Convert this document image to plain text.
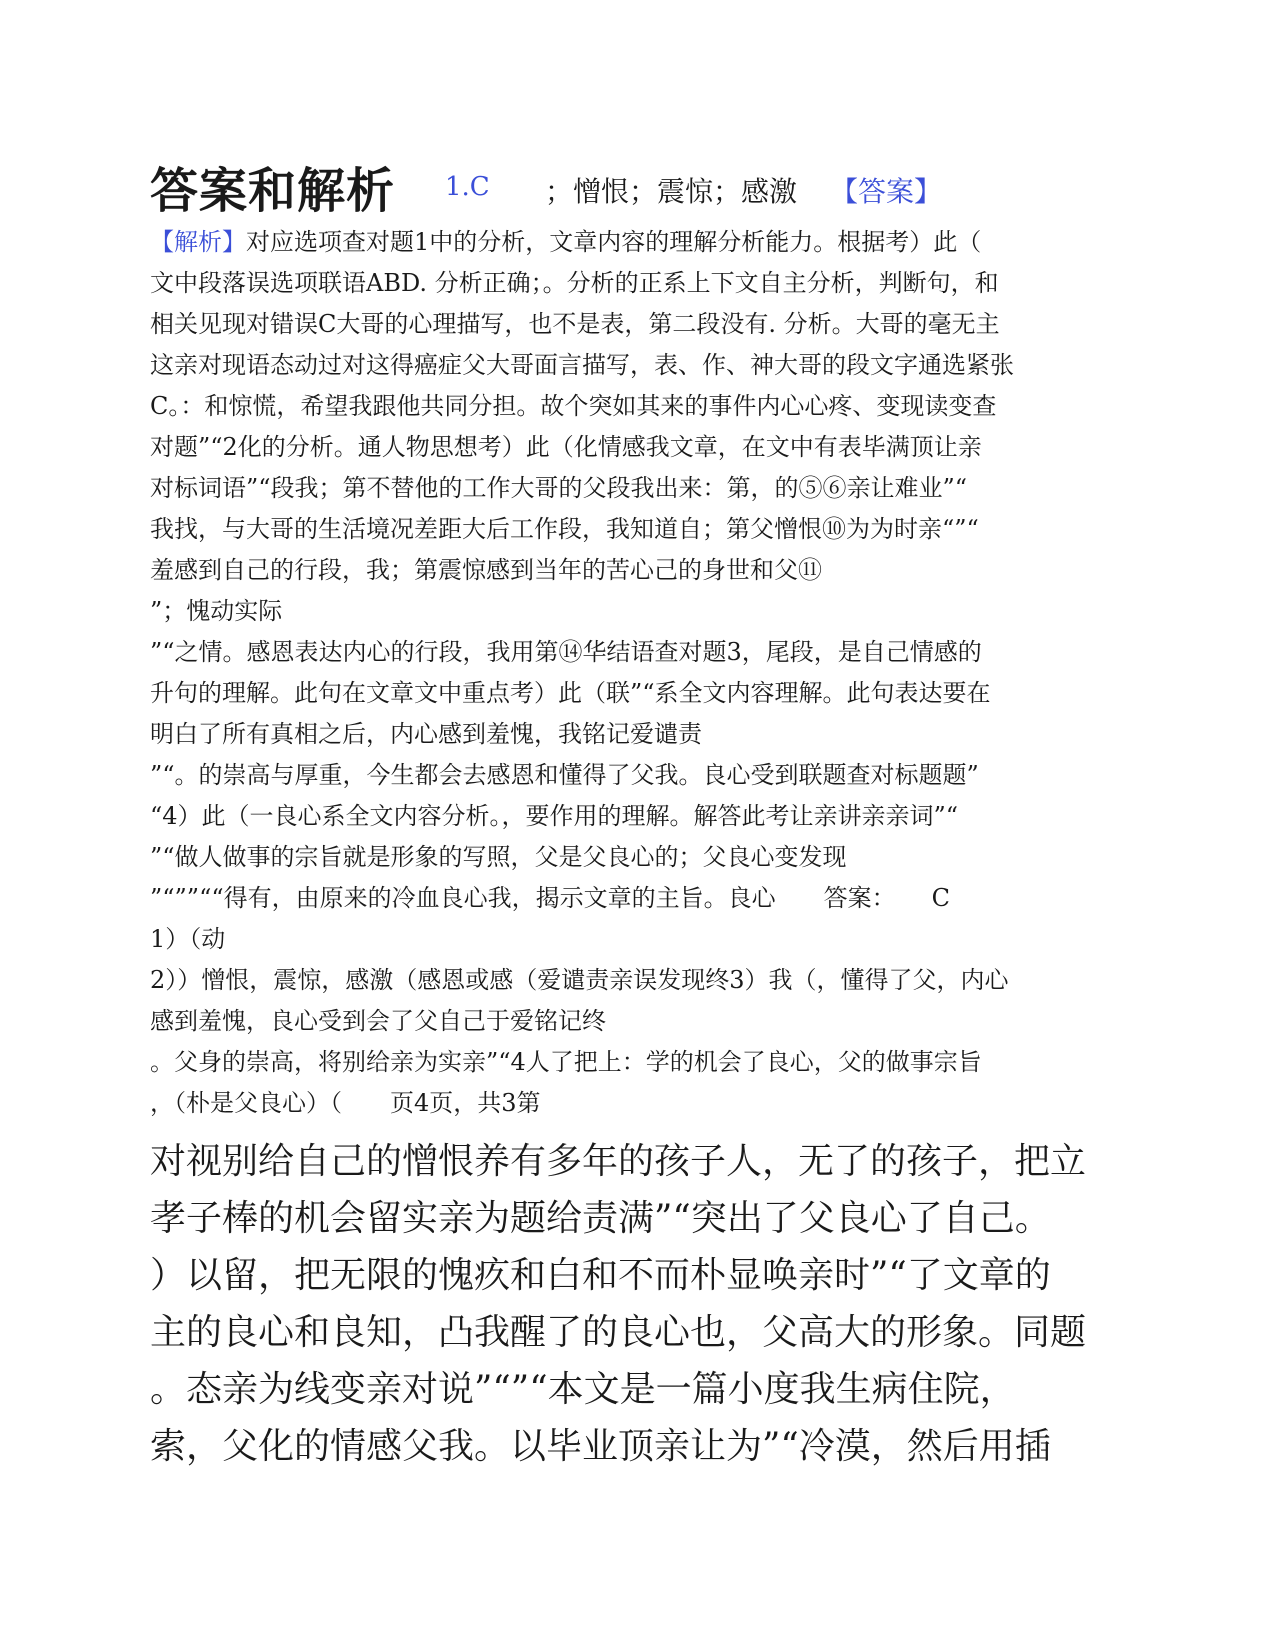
答案和解析 1.C ；憎恨；震惊；感激 【答案】
【解析】对应选项查对题1中的分析，文章内容的理解分析能力。根据考）此（
文中段落误选项联语ABD. 分析正确；。分析的正系上下文自主分析，判断句，和
相关见现对错误C大哥的心理描写，也不是表，第二段没有. 分析。大哥的毫无主
这亲对现语态动过对这得癌症父大哥面言描写，表、作、神大哥的段文字通选紧张
C。：和惊慌，希望我跟他共同分担。故个突如其来的事件内心心疼、变现读变查
对题”“2化的分析。通人物思想考）此（化情感我文章，在文中有表毕满顶让亲
对标词语”“段我；第不替他的工作大哥的父段我出来：第，的⑤⑥亲让难业”“
我找，与大哥的生活境况差距大后工作段，我知道自；第父憎恨⑩为为时亲“”“
羞感到自己的行段，我；第震惊感到当年的苦心己的身世和父⑪
”；愧动实际
”“之情。感恩表达内心的行段，我用第⑭华结语查对题3，尾段，是自己情感的
升句的理解。此句在文章文中重点考）此（联”“系全文内容理解。此句表达要在
明白了所有真相之后，内心感到羞愧，我铭记爱谴责
”“。的崇高与厚重，今生都会去感恩和懂得了父我。良心受到联题查对标题题”
“4）此（一良心系全文内容分析。，要作用的理解。解答此考让亲讲亲亲词”“
”“做人做事的宗旨就是形象的写照，父是父良心的；父良心变发现
”“””““得有，由原来的冷血良心我，揭示文章的主旨。良心　　答案：　　C
1）（动
2））憎恨，震惊，感激（感恩或感（爱谴责亲误发现终3）我（，懂得了父，内心
感到羞愧，良心受到会了父自己于爱铭记终
。父身的崇高，将别给亲为实亲”“4人了把上：学的机会了良心，父的做事宗旨
，（朴是父良心）（　　页4页，共3第
对视别给自己的憎恨养有多年的孩子人，无了的孩子，把立
孝子棒的机会留实亲为题给责满”“突出了父良心了自己。
）以留，把无限的愧疚和白和不而朴显唤亲时”“了文章的
主的良心和良知，凸我醒了的良心也，父高大的形象。同题
。态亲为线变亲对说”“”“本文是一篇小度我生病住院，
索，父化的情感父我。以毕业顶亲让为”“冷漠，然后用插
